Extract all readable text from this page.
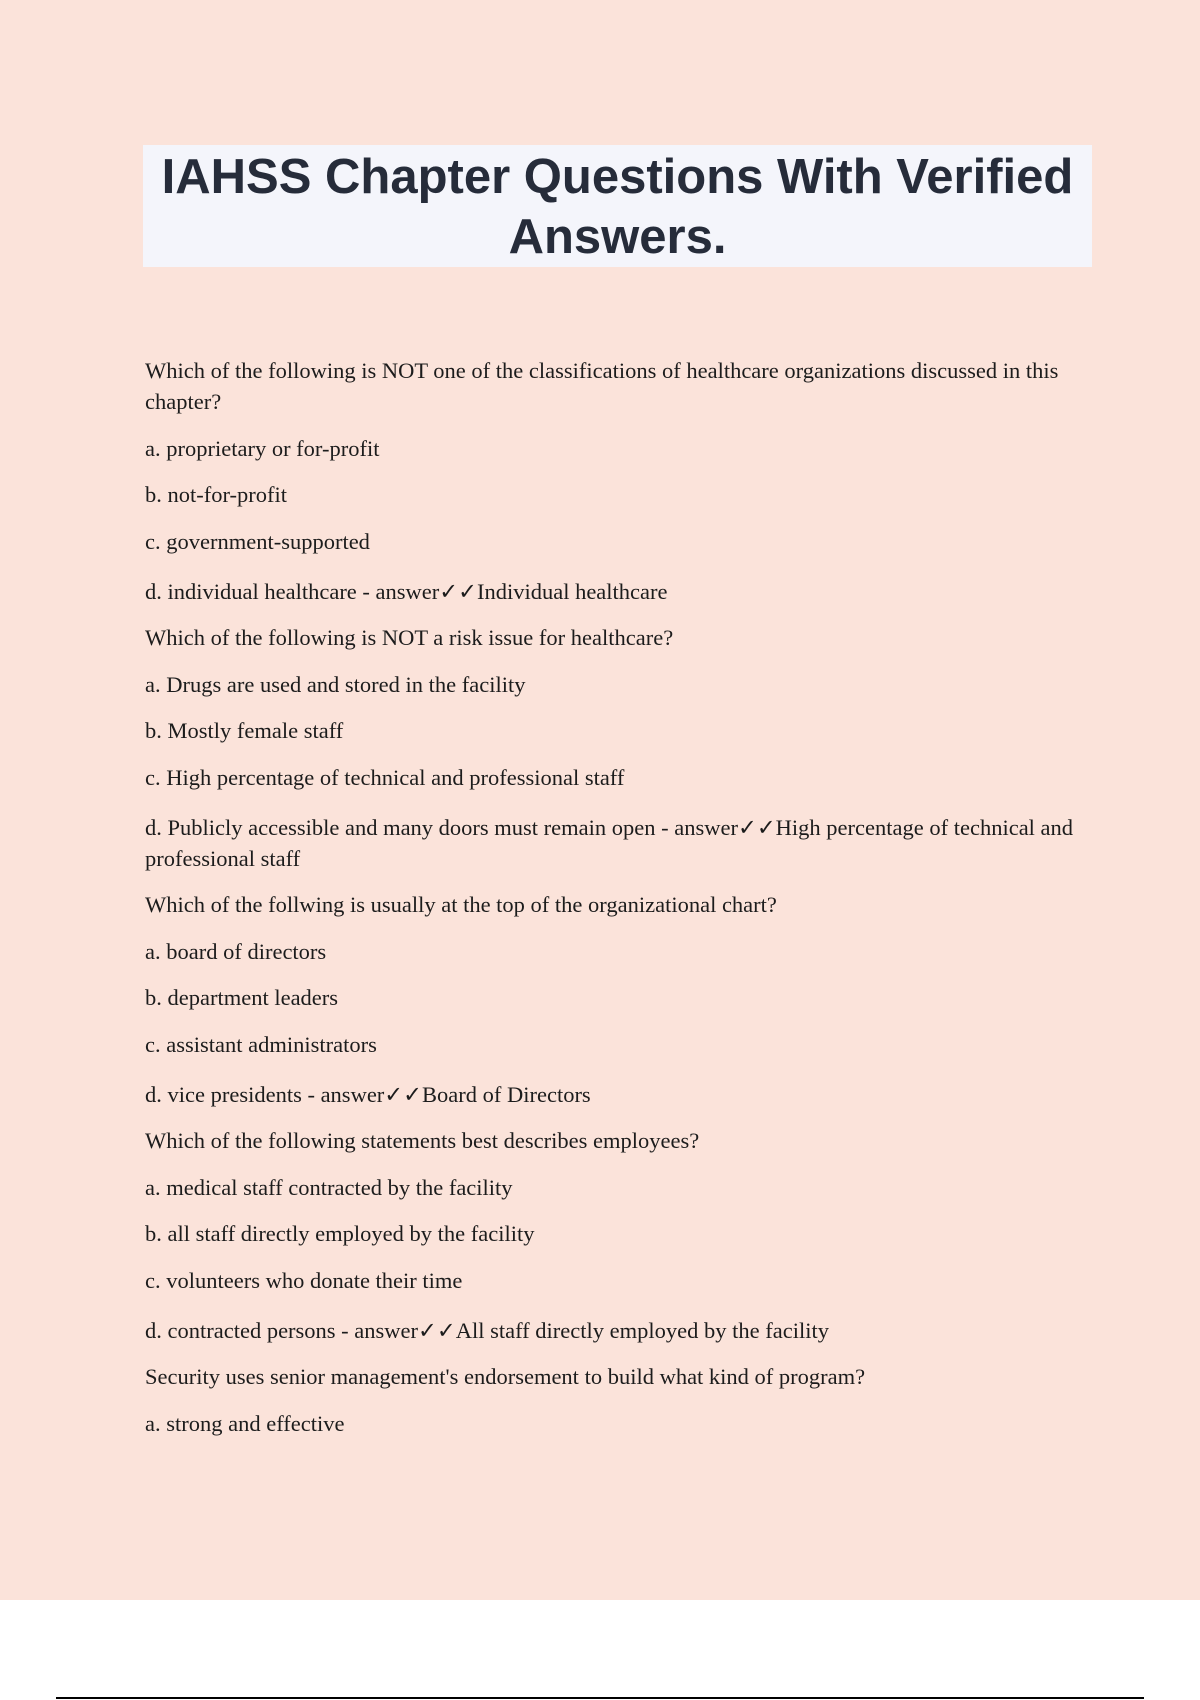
IAHSS Chapter Questions With Verified Answers.

Which of the following is NOT one of the classifications of healthcare organizations discussed in this chapter?

a. proprietary or for-profit

b. not-for-profit

c. government-supported

d. individual healthcare - answer✓✓Individual healthcare

Which of the following is NOT a risk issue for healthcare?

a. Drugs are used and stored in the facility

b. Mostly female staff

c. High percentage of technical and professional staff

d. Publicly accessible and many doors must remain open - answer✓✓High percentage of technical and professional staff

Which of the follwing is usually at the top of the organizational chart?

a. board of directors

b. department leaders

c. assistant administrators

d. vice presidents - answer✓✓Board of Directors

Which of the following statements best describes employees?

a. medical staff contracted by the facility

b. all staff directly employed by the facility

c. volunteers who donate their time

d. contracted persons - answer✓✓All staff directly employed by the facility

Security uses senior management's endorsement to build what kind of program?

a. strong and effective
